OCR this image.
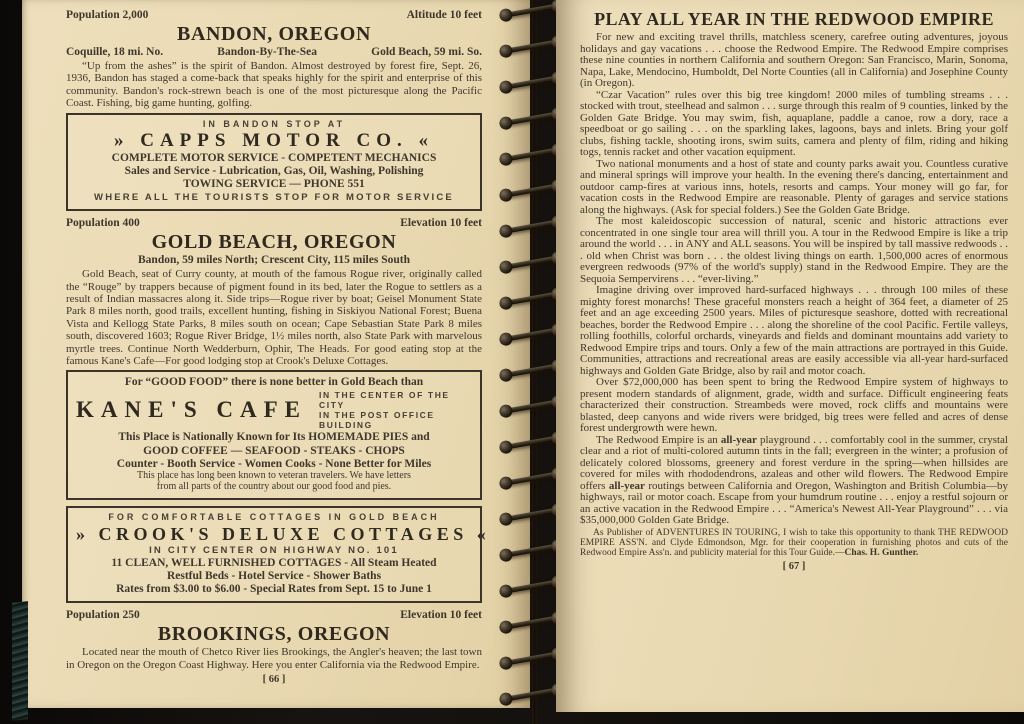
Population 2,000	Altitude 10 feet
BANDON, OREGON
Coquille, 18 mi. No.	Bandon-By-The-Sea	Gold Beach, 59 mi. So.

“Up from the ashes” is the spirit of Bandon. Almost destroyed by forest fire, Sept. 26, 1936, Bandon has staged a come-back that speaks highly for the spirit and enterprise of this community. Bandon's rock-strewn beach is one of the most picturesque along the Pacific Coast. Fishing, big game hunting, golfing.

IN BANDON STOP AT
» CAPPS MOTOR CO. «
COMPLETE MOTOR SERVICE - COMPETENT MECHANICS
Sales and Service - Lubrication, Gas, Oil, Washing, Polishing
TOWING SERVICE — PHONE 551
WHERE ALL THE TOURISTS STOP FOR MOTOR SERVICE
Population 400	Elevation 10 feet
GOLD BEACH, OREGON
Bandon, 59 miles North; Crescent City, 115 miles South

Gold Beach, seat of Curry county, at mouth of the famous Rogue river, originally called the “Rouge” by trappers because of pigment found in its bed, later the Rogue to settlers as a result of Indian massacres along it. Side trips—Rogue river by boat; Geisel Monument State Park 8 miles north, good trails, excellent hunting, fishing in Siskiyou National Forest; Buena Vista and Kellogg State Parks, 8 miles south on ocean; Cape Sebastian State Park 8 miles south, discovered 1603; Rogue River Bridge, 1½ miles north, also State Park with marvelous myrtle trees. Continue North Wedderburn, Ophir, The Heads. For good eating stop at the famous Kane's Cafe—For good lodging stop at Crook's Deluxe Cottages.

For “GOOD FOOD” there is none better in Gold Beach than
KANE'S CAFE
IN THE CENTER OF THE CITY
IN THE POST OFFICE BUILDING
This Place is Nationally Known for Its HOMEMADE PIES and
GOOD COFFEE — SEAFOOD - STEAKS - CHOPS
Counter - Booth Service - Women Cooks - None Better for Miles
This place has long been known to veteran travelers. We have letters
from all parts of the country about our good food and pies.
FOR COMFORTABLE COTTAGES IN GOLD BEACH
» CROOK'S DELUXE COTTAGES «
IN CITY CENTER ON HIGHWAY NO. 101
11 CLEAN, WELL FURNISHED COTTAGES - All Steam Heated
Restful Beds - Hotel Service - Shower Baths
Rates from $3.00 to $6.00 - Special Rates from Sept. 15 to June 1
Population 250	Elevation 10 feet
BROOKINGS, OREGON

Located near the mouth of Chetco River lies Brookings, the Angler's heaven; the last town in Oregon on the Oregon Coast Highway. Here you enter California via the Redwood Empire.

[ 66 ]
PLAY ALL YEAR IN THE REDWOOD EMPIRE

For new and exciting travel thrills, matchless scenery, carefree outing adventures, joyous holidays and gay vacations . . . choose the Redwood Empire. The Redwood Empire comprises these nine counties in northern California and southern Oregon: San Francisco, Marin, Sonoma, Napa, Lake, Mendocino, Humboldt, Del Norte Counties (all in California) and Josephine County (in Oregon).

“Czar Vacation” rules over this big tree kingdom! 2000 miles of tumbling streams . . . stocked with trout, steelhead and salmon . . . surge through this realm of 9 counties, linked by the Golden Gate Bridge. You may swim, fish, aquaplane, paddle a canoe, row a dory, race a speedboat or go sailing . . . on the sparkling lakes, lagoons, bays and inlets. Bring your golf clubs, fishing tackle, shooting irons, swim suits, camera and plenty of film, riding and hiking togs, tennis racket and other vacation equipment.

Two national monuments and a host of state and county parks await you. Countless curative and mineral springs will improve your health. In the evening there's dancing, entertainment and outdoor camp-fires at various inns, hotels, resorts and camps. Your money will go far, for vacation costs in the Redwood Empire are reasonable. Plenty of garages and service stations along the highways. (Ask for special folders.) See the Golden Gate Bridge.

The most kaleidoscopic succession of natural, scenic and historic attractions ever concentrated in one single tour area will thrill you. A tour in the Redwood Empire is like a trip around the world . . . in ANY and ALL seasons. You will be inspired by tall massive redwoods . . . old when Christ was born . . . the oldest living things on earth. 1,500,000 acres of enormous evergreen redwoods (97% of the world's supply) stand in the Redwood Empire. They are the Sequoia Sempervirens . . . “ever-living.”

Imagine driving over improved hard-surfaced highways . . . through 100 miles of these mighty forest monarchs! These graceful monsters reach a height of 364 feet, a diameter of 25 feet and an age exceeding 2500 years. Miles of picturesque seashore, dotted with recreational beaches, border the Redwood Empire . . . along the shoreline of the cool Pacific. Fertile valleys, rolling foothills, colorful orchards, vineyards and fields and dominant mountains add variety to Redwood Empire trips and tours. Only a few of the main attractions are portrayed in this Guide. Communities, attractions and recreational areas are easily accessible via all-year hard-surfaced highways and Golden Gate Bridge, also by rail and motor coach.

Over $72,000,000 has been spent to bring the Redwood Empire system of highways to present modern standards of alignment, grade, width and surface. Difficult engineering feats characterized their construction. Streambeds were moved, rock cliffs and mountains were blasted, deep canyons and wide rivers were bridged, big trees were felled and acres of dense forest undergrowth were hewn.

The Redwood Empire is an all-year playground . . . comfortably cool in the summer, crystal clear and a riot of multi-colored autumn tints in the fall; evergreen in the winter; a profusion of delicately colored blossoms, greenery and forest verdure in the spring—when hillsides are covered for miles with rhododendrons, azaleas and other wild flowers. The Redwood Empire offers all-year routings between California and Oregon, Washington and British Columbia—by highways, rail or motor coach. Escape from your humdrum routine . . . enjoy a restful sojourn or an active vacation in the Redwood Empire . . . “America's Newest All-Year Playground” . . . via $35,000,000 Golden Gate Bridge.

As Publisher of ADVENTURES IN TOURING, I wish to take this opportunity to thank THE REDWOOD EMPIRE ASS'N. and Clyde Edmondson, Mgr. for their cooperation in furnishing photos and cuts of the Redwood Empire Ass'n. and publicity material for this Tour Guide.—Chas. H. Gunther.

[ 67 ]
